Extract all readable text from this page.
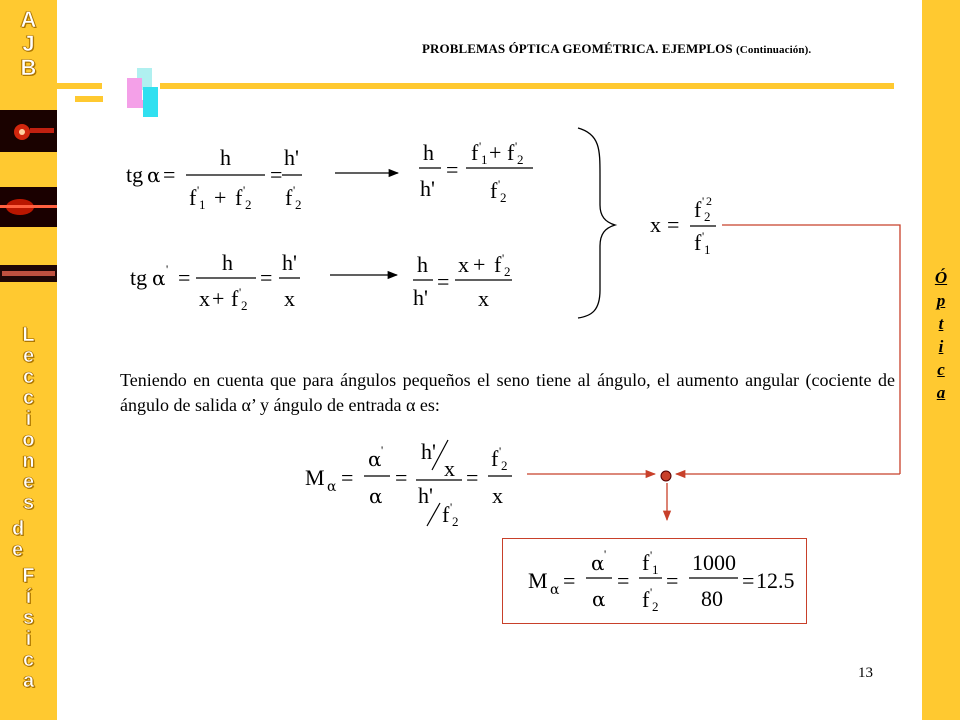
A
J
B
L
e
c
c
i
o
n
e
s
d
e
F
í
s
i
c
a
Ó
p
t
i
c
a
PROBLEMAS ÓPTICA GEOMÉTRICA. EJEMPLOS (Continuación).
tg α =
h
f '
1 + f '
2
=
h'
f '
2
h
h'
=
f '
1 + f '
2
f '
2
tg α ' =
h
x + f '
2
=
h'
x
h
h'
=
x + f '
2
x
x =
f ' 2
2
f '
1
M α =
α '
α
=
h'
x
h'
f '
2
=
f '
2
x
M α =
α '
α
=
f '
1
f '
2
=
1000
80
= 12.5
Teniendo en cuenta que para ángulos pequeños el seno tiene al ángulo, el aumento angular (cociente de ángulo de salida α’ y ángulo de entrada α es:
13
